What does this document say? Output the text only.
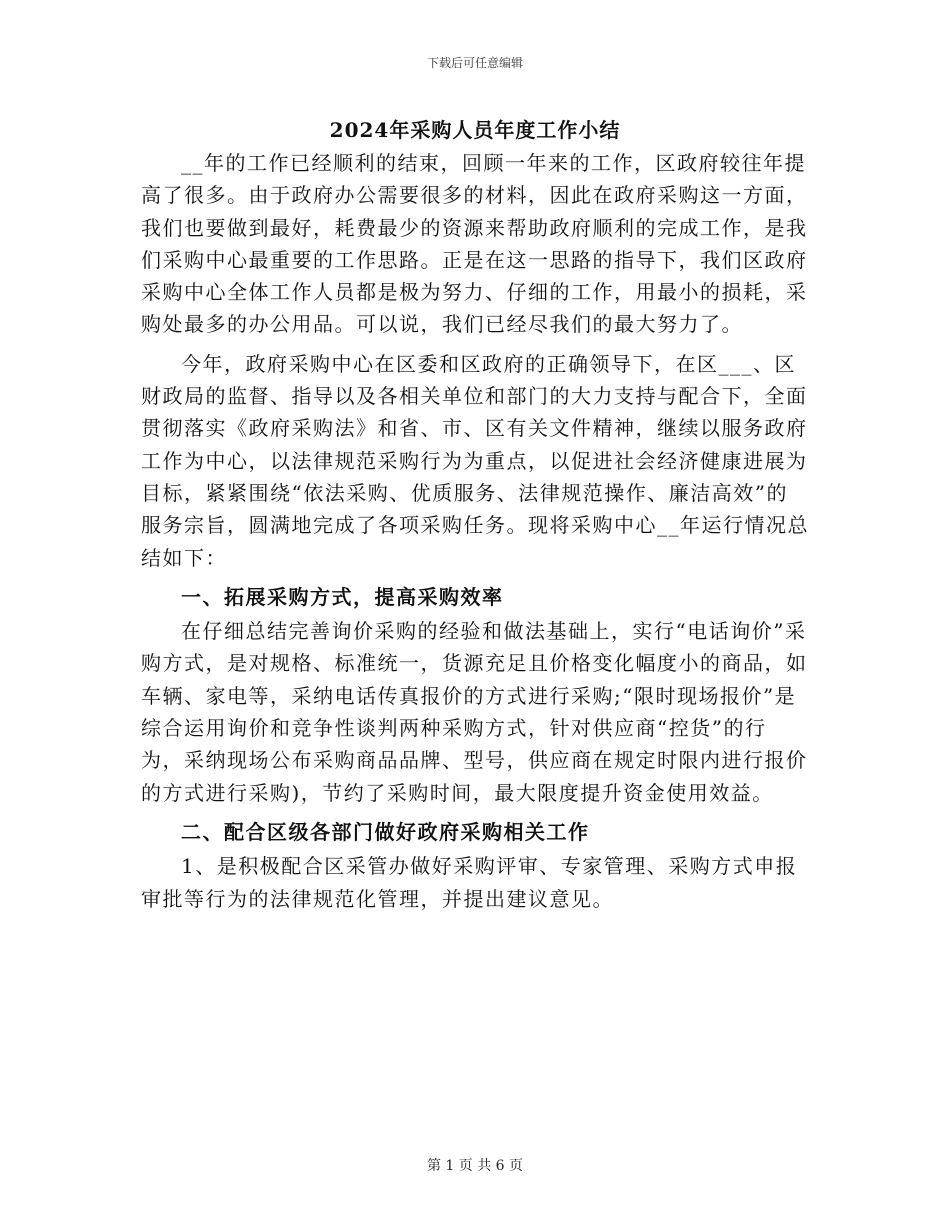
下载后可任意编辑
2024年采购人员年度工作小结

__年的工作已经顺利的结束，回顾一年来的工作，区政府较往年提高了很多。由于政府办公需要很多的材料，因此在政府采购这一方面，我们也要做到最好，耗费最少的资源来帮助政府顺利的完成工作，是我们采购中心最重要的工作思路。正是在这一思路的指导下，我们区政府采购中心全体工作人员都是极为努力、仔细的工作，用最小的损耗，采购处最多的办公用品。可以说，我们已经尽我们的最大努力了。

今年，政府采购中心在区委和区政府的正确领导下，在区___、区财政局的监督、指导以及各相关单位和部门的大力支持与配合下，全面贯彻落实《政府采购法》和省、市、区有关文件精神，继续以服务政府工作为中心，以法律规范采购行为为重点，以促进社会经济健康进展为目标，紧紧围绕“依法采购、优质服务、法律规范操作、廉洁高效”的服务宗旨，圆满地完成了各项采购任务。现将采购中心__年运行情况总结如下：

一、拓展采购方式，提高采购效率

在仔细总结完善询价采购的经验和做法基础上，实行“电话询价”采购方式，是对规格、标准统一，货源充足且价格变化幅度小的商品，如车辆、家电等，采纳电话传真报价的方式进行采购;“限时现场报价”是综合运用询价和竞争性谈判两种采购方式，针对供应商“控货”的行为，采纳现场公布采购商品品牌、型号，供应商在规定时限内进行报价的方式进行采购)，节约了采购时间，最大限度提升资金使用效益。

二、配合区级各部门做好政府采购相关工作

1、是积极配合区采管办做好采购评审、专家管理、采购方式申报审批等行为的法律规范化管理，并提出建议意见。

第 1 页 共 6 页
